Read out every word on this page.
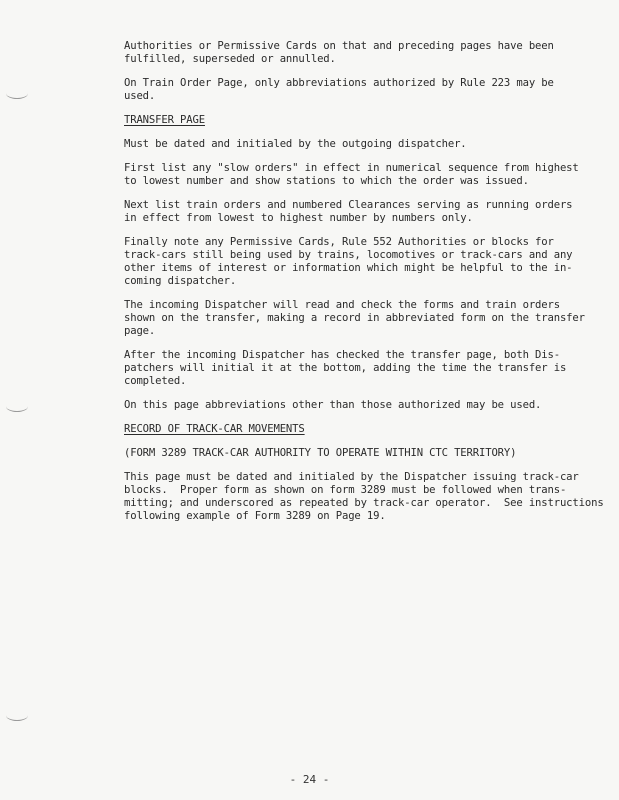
Authorities or Permissive Cards on that and preceding pages have been

fulfilled, superseded or annulled.

On Train Order Page, only abbreviations authorized by Rule 223 may be

used.

TRANSFER PAGE

Must be dated and initialed by the outgoing dispatcher.

First list any "slow orders" in effect in numerical sequence from highest

to lowest number and show stations to which the order was issued.

Next list train orders and numbered Clearances serving as running orders

in effect from lowest to highest number by numbers only.

Finally note any Permissive Cards, Rule 552 Authorities or blocks for

track-cars still being used by trains, locomotives or track-cars and any

other items of interest or information which might be helpful to the in-

coming dispatcher.

The incoming Dispatcher will read and check the forms and train orders

shown on the transfer, making a record in abbreviated form on the transfer

page.

After the incoming Dispatcher has checked the transfer page, both Dis-

patchers will initial it at the bottom, adding the time the transfer is

completed.

On this page abbreviations other than those authorized may be used.

RECORD OF TRACK-CAR MOVEMENTS

(FORM 3289 TRACK-CAR AUTHORITY TO OPERATE WITHIN CTC TERRITORY)

This page must be dated and initialed by the Dispatcher issuing track-car

blocks.  Proper form as shown on form 3289 must be followed when trans-

mitting; and underscored as repeated by track-car operator.  See instructions

following example of Form 3289 on Page 19.

- 24 -
